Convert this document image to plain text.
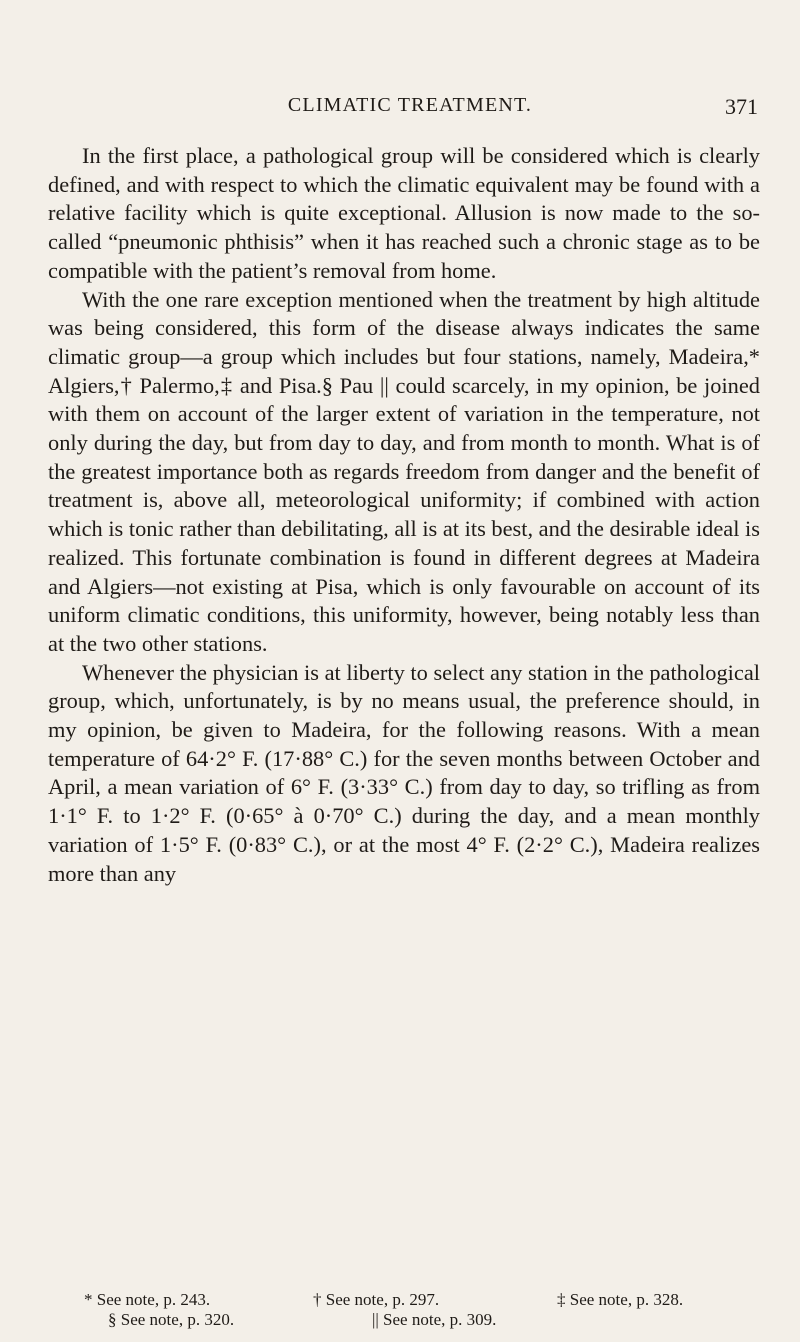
CLIMATIC TREATMENT.	371

In the first place, a pathological group will be considered which is clearly defined, and with respect to which the climatic equivalent may be found with a relative facility which is quite exceptional. Allusion is now made to the so-called “pneumonic phthisis” when it has reached such a chronic stage as to be compatible with the patient’s removal from home.

With the one rare exception mentioned when the treatment by high altitude was being considered, this form of the disease always indicates the same climatic group—a group which includes but four stations, namely, Madeira,* Algiers,† Palermo,‡ and Pisa.§ Pau || could scarcely, in my opinion, be joined with them on account of the larger extent of variation in the temperature, not only during the day, but from day to day, and from month to month. What is of the greatest importance both as regards freedom from danger and the benefit of treatment is, above all, meteorological uniformity; if combined with action which is tonic rather than debilitating, all is at its best, and the desirable ideal is realized. This fortunate combination is found in different degrees at Madeira and Algiers—not existing at Pisa, which is only favourable on account of its uniform climatic conditions, this uniformity, however, being notably less than at the two other stations.

Whenever the physician is at liberty to select any station in the pathological group, which, unfortunately, is by no means usual, the preference should, in my opinion, be given to Madeira, for the following reasons. With a mean temperature of 64·2° F. (17·88° C.) for the seven months between October and April, a mean variation of 6° F. (3·33° C.) from day to day, so trifling as from 1·1° F. to 1·2° F. (0·65° à 0·70° C.) during the day, and a mean monthly variation of 1·5° F. (0·83° C.), or at the most 4° F. (2·2° C.), Madeira realizes more than any

* See note, p. 243.	† See note, p. 297.	‡ See note, p. 328.
§ See note, p. 320.	|| See note, p. 309.
